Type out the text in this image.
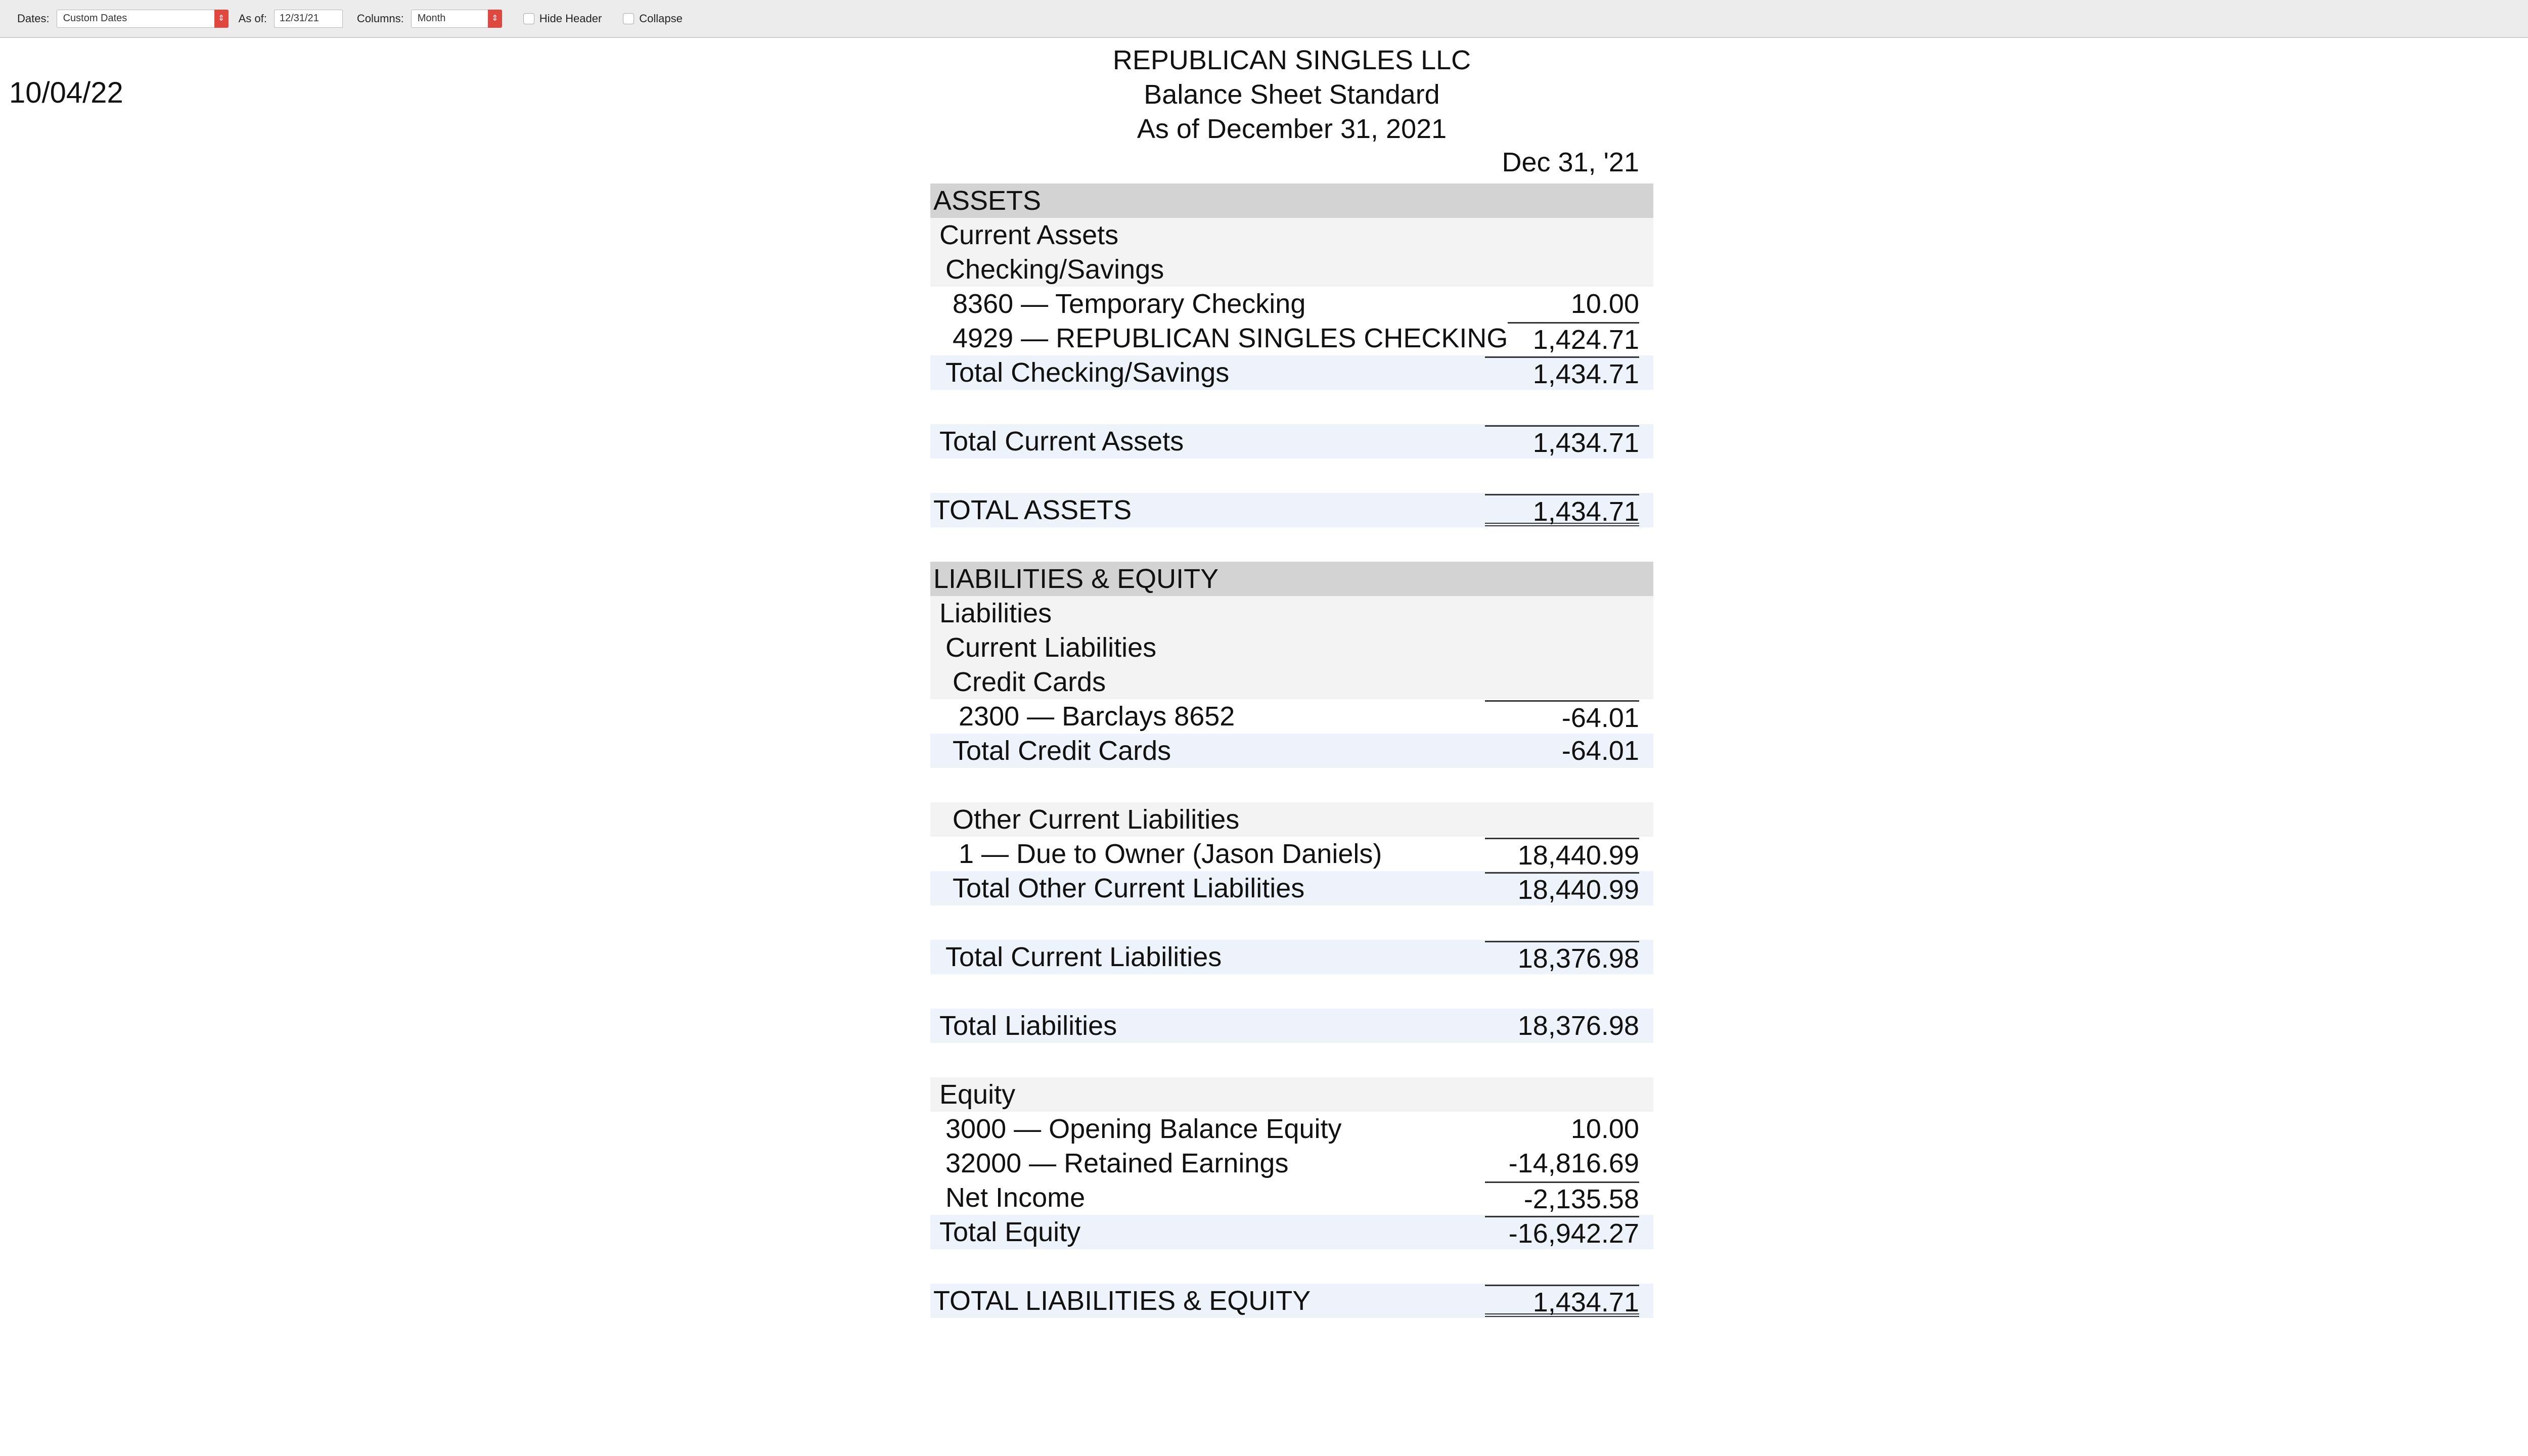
Dates: Custom Dates	⇕	As of: 12/31/21	Columns: Month	⇕	Hide Header	Collapse
10/04/22
REPUBLICAN SINGLES LLC
Balance Sheet Standard
As of December 31, 2021
Dec 31, '21
ASSETS
Current Assets
Checking/Savings
8360 — Temporary Checking	10.00
4929 — REPUBLICAN SINGLES CHECKING 1,424.71
Total Checking/Savings	1,434.71
Total Current Assets	1,434.71
TOTAL ASSETS	1,434.71
LIABILITIES & EQUITY
Liabilities
Current Liabilities
Credit Cards
2300 — Barclays 8652	-64.01
Total Credit Cards	-64.01
Other Current Liabilities
1 — Due to Owner (Jason Daniels)	18,440.99
Total Other Current Liabilities	18,440.99
Total Current Liabilities	18,376.98
Total Liabilities	18,376.98
Equity
3000 — Opening Balance Equity	10.00
32000 — Retained Earnings	-14,816.69
Net Income	-2,135.58
Total Equity	-16,942.27
TOTAL LIABILITIES & EQUITY	1,434.71
